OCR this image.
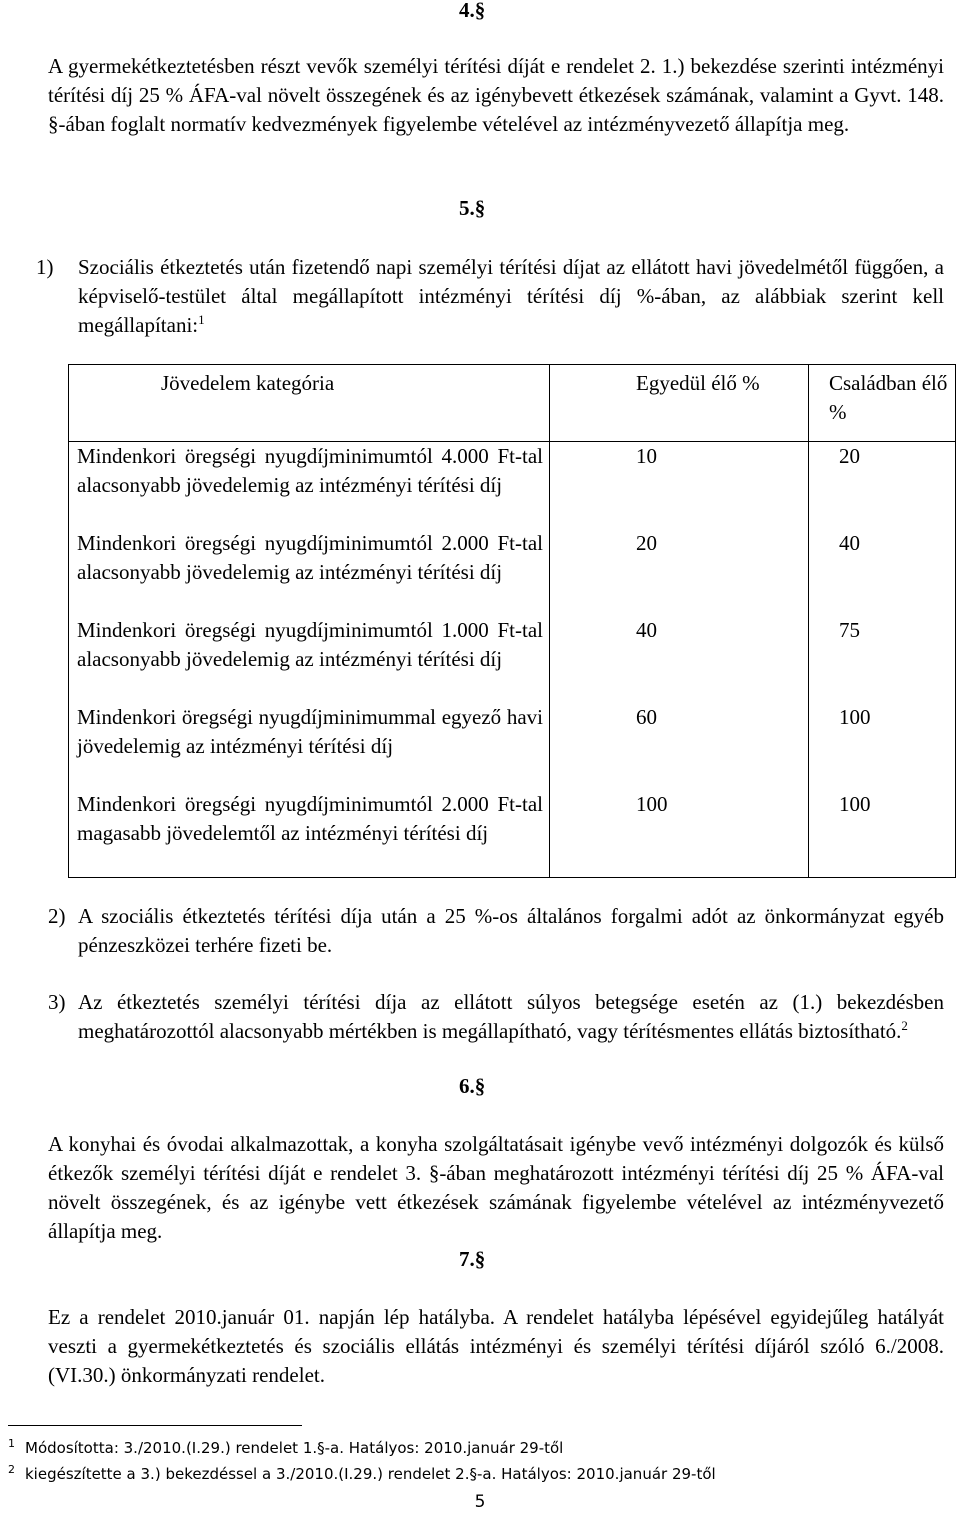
4.§
A gyermekétkeztetésben részt vevők személyi térítési díját e rendelet 2. 1.) bekezdése szerinti intézményi térítési díj 25 % ÁFA-val növelt összegének és az igénybevett étkezések számának, valamint a Gyvt. 148. §-ában foglalt normatív kedvezmények figyelembe vételével az intézményvezető állapítja meg.
5.§
1) Szociális étkeztetés után fizetendő napi személyi térítési díjat az ellátott havi jövedelmétől függően, a képviselő-testület által megállapított intézményi térítési díj %-ában, az alábbiak szerint kell megállapítani:$^1$
Jövedelem kategória	Egyedül élő %	Családban élő %
Mindenkori öregségi nyugdíjminimumtól 4.000 Ft-tal alacsonyabb jövedelemig az intézményi térítési díj	10	20
Mindenkori öregségi nyugdíjminimumtól 2.000 Ft-tal alacsonyabb jövedelemig az intézményi térítési díj	20	40
Mindenkori öregségi nyugdíjminimumtól 1.000 Ft-tal alacsonyabb jövedelemig az intézményi térítési díj	40	75
Mindenkori öregségi nyugdíjminimummal egyező havi jövedelemig az intézményi térítési díj	60	100
Mindenkori öregségi nyugdíjminimumtól 2.000 Ft-tal magasabb jövedelemtől az intézményi térítési díj	100	100
2) A szociális étkeztetés térítési díja után a 25 %-os általános forgalmi adót az önkormányzat egyéb pénzeszközei terhére fizeti be.
3) Az étkeztetés személyi térítési díja az ellátott súlyos betegsége esetén az (1.) bekezdésben meghatározottól alacsonyabb mértékben is megállapítható, vagy térítésmentes ellátás biztosítható.$^2$
6.§
A konyhai és óvodai alkalmazottak, a konyha szolgáltatásait igénybe vevő intézményi dolgozók és külső étkezők személyi térítési díját e rendelet 3. §-ában meghatározott intézményi térítési díj 25 % ÁFA-val növelt összegének, és az igénybe vett étkezések számának figyelembe vételével az intézményvezető állapítja meg.
7.§
Ez a rendelet 2010.január 01. napján lép hatályba. A rendelet hatályba lépésével egyidejűleg hatályát veszti a gyermekétkeztetés és szociális ellátás intézményi és személyi térítési díjáról szóló 6./2008.(VI.30.) önkormányzati rendelet.
$^1$ Módosította: 3./2010.(I.29.) rendelet 1.§-a. Hatályos: 2010.január 29-től
$^2$ kiegészítette a 3.) bekezdéssel a 3./2010.(I.29.) rendelet 2.§-a. Hatályos: 2010.január 29-től
5
